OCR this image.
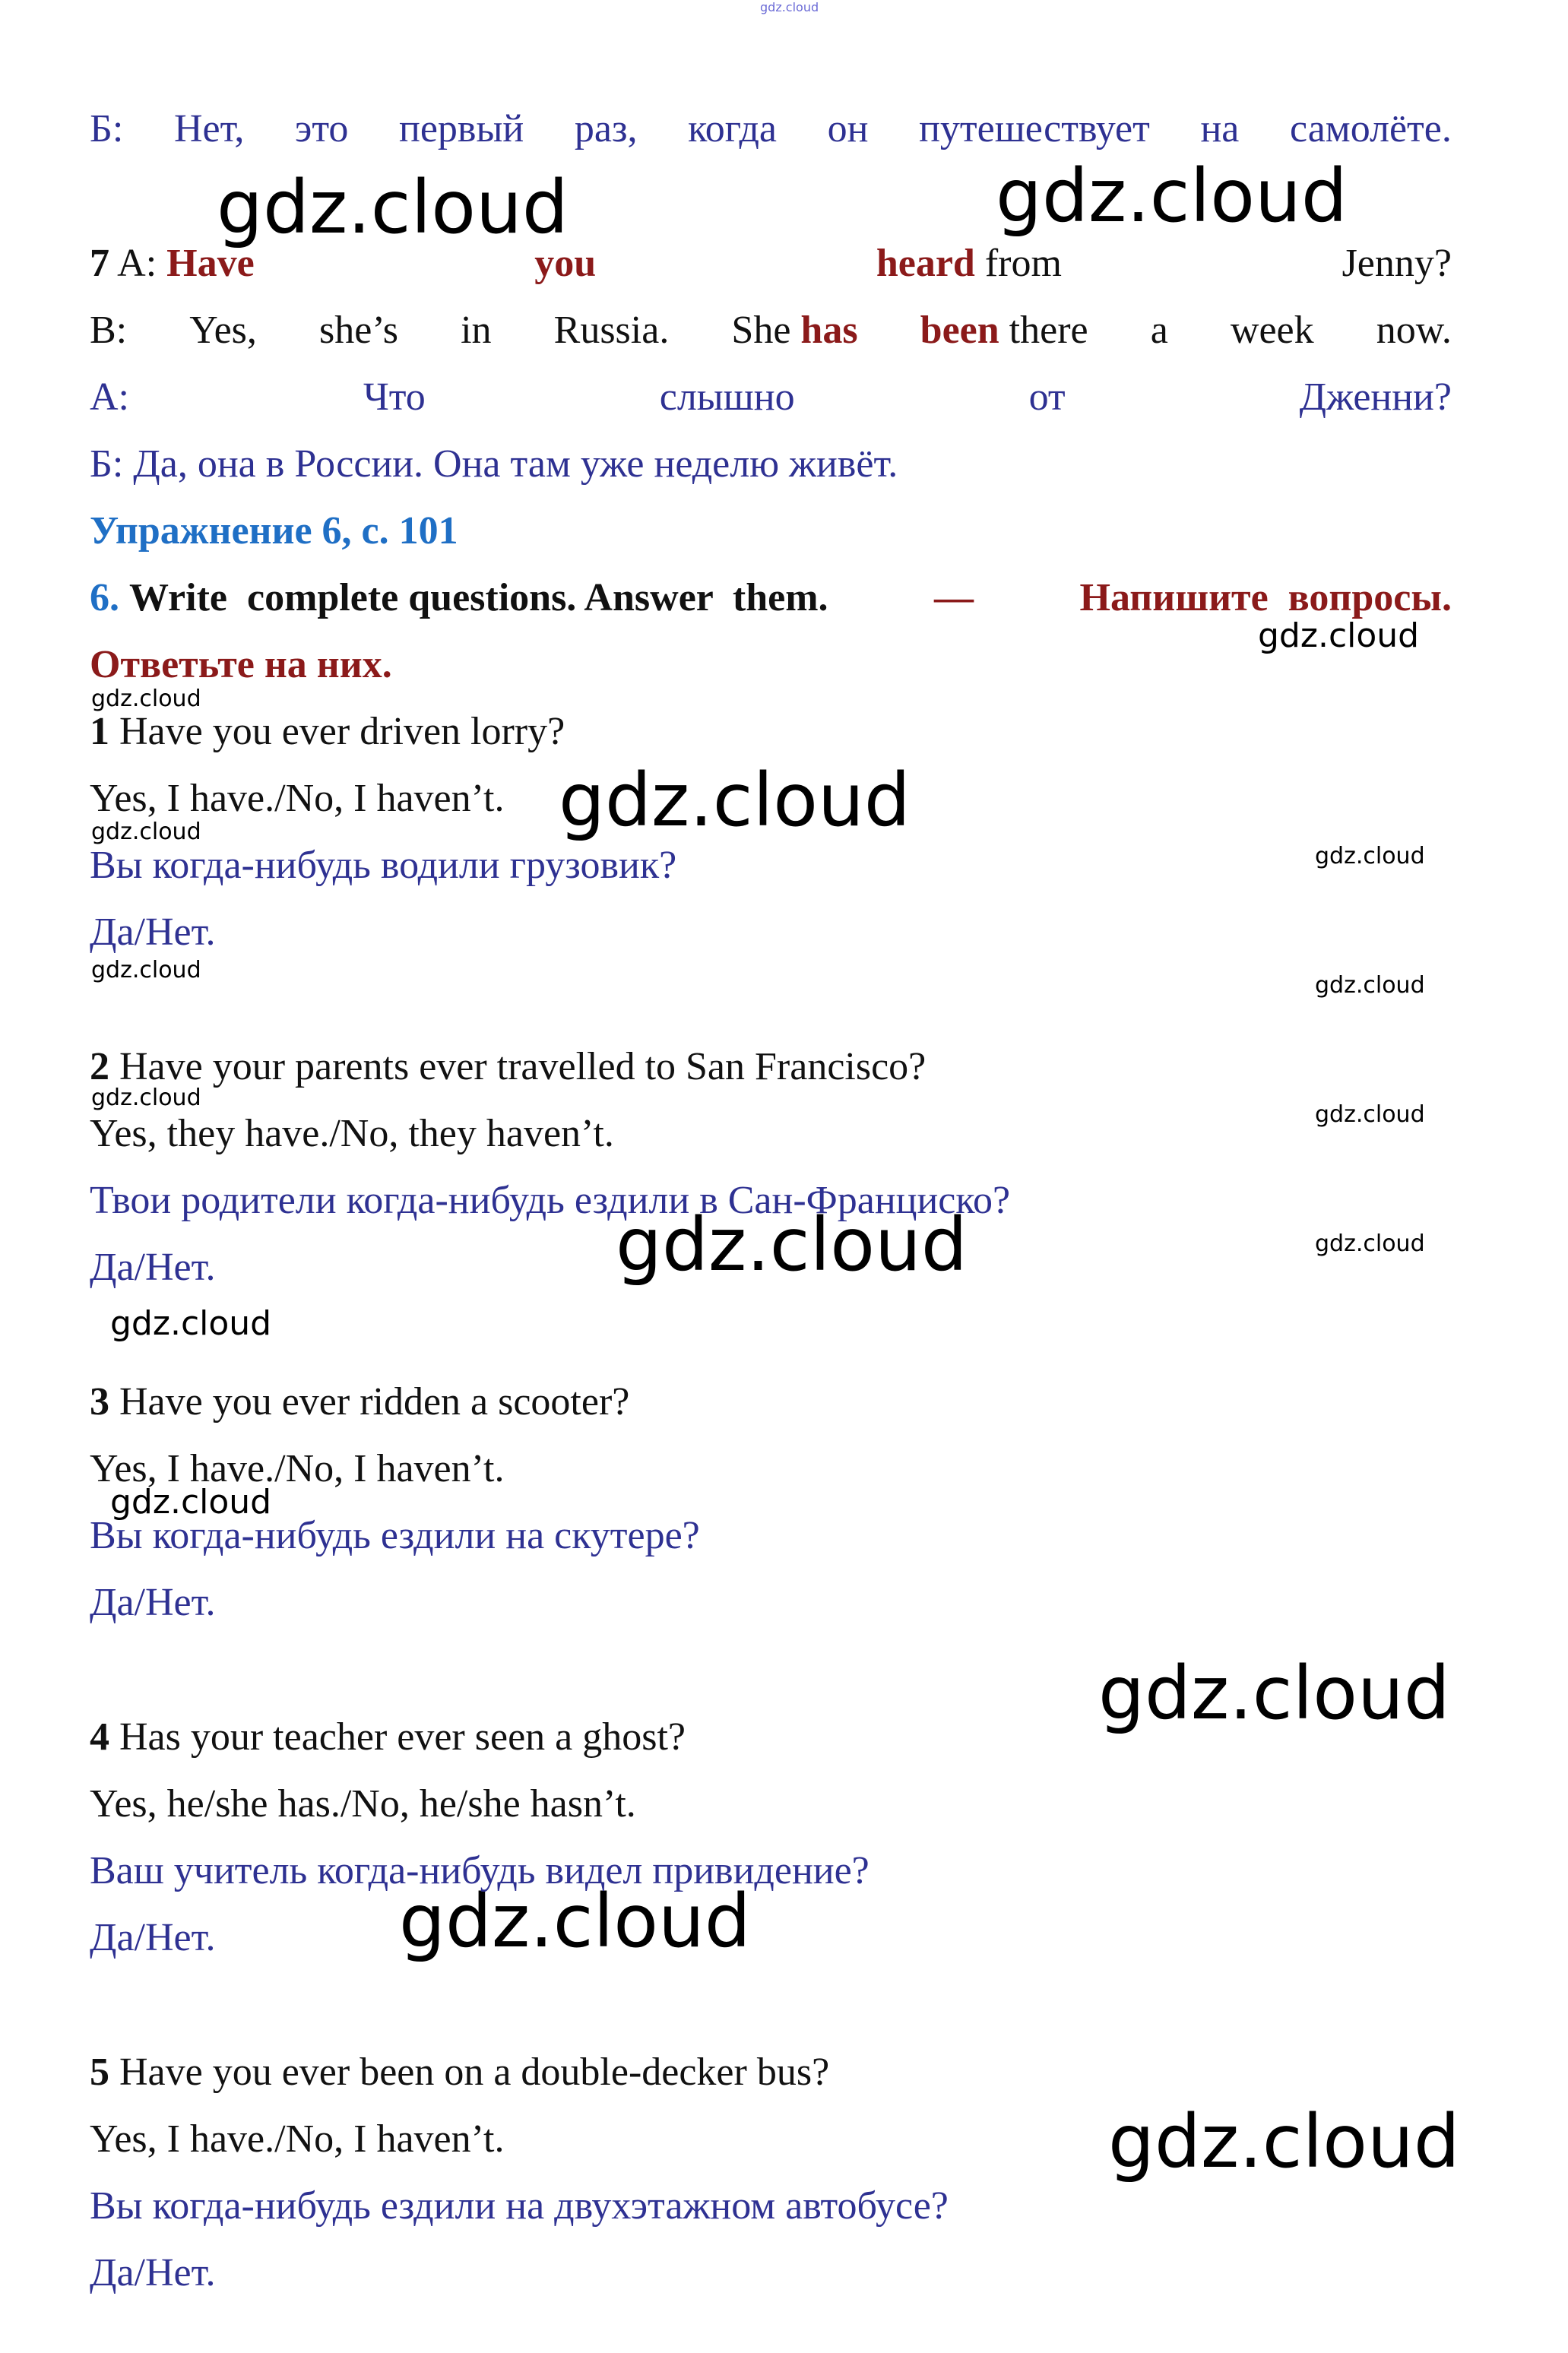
gdz.cloud
gdz.cloud	gdz.cloud
gdz.cloud
gdz.cloud
gdz.cloud
gdz.cloud
gdz.cloud
gdz.cloud
gdz.cloud
gdz.cloud
gdz.cloud
gdz.cloud	gdz.cloud
gdz.cloud
gdz.cloud
gdz.cloud
gdz.cloud
gdz.cloud
Б: Нет, это первый раз, когда он путешествует на самолёте.
7 A: Have	you	heard from	Jenny?
B: Yes, she’s in Russia. She has been there a week now.
А:	Что	слышно	от	Дженни?
Б: Да, она в России. Она там уже неделю живёт.
Упражнение 6, с. 101
6. Write  complete questions. Answer  them.	—	Напишите  вопросы.
Ответьте на них.
1 Have you ever driven lorry?
Yes, I have./No, I haven’t.
Вы когда-нибудь водили грузовик?
Да/Нет.
2 Have your parents ever travelled to San Francisco?
Yes, they have./No, they haven’t.
Твои родители когда-нибудь ездили в Сан-Франциско?
Да/Нет.
3 Have you ever ridden a scooter?
Yes, I have./No, I haven’t.
Вы когда-нибудь ездили на скутере?
Да/Нет.
4 Has your teacher ever seen a ghost?
Yes, he/she has./No, he/she hasn’t.
Ваш учитель когда-нибудь видел привидение?
Да/Нет.
5 Have you ever been on a double-decker bus?
Yes, I have./No, I haven’t.
Вы когда-нибудь ездили на двухэтажном автобусе?
Да/Нет.
